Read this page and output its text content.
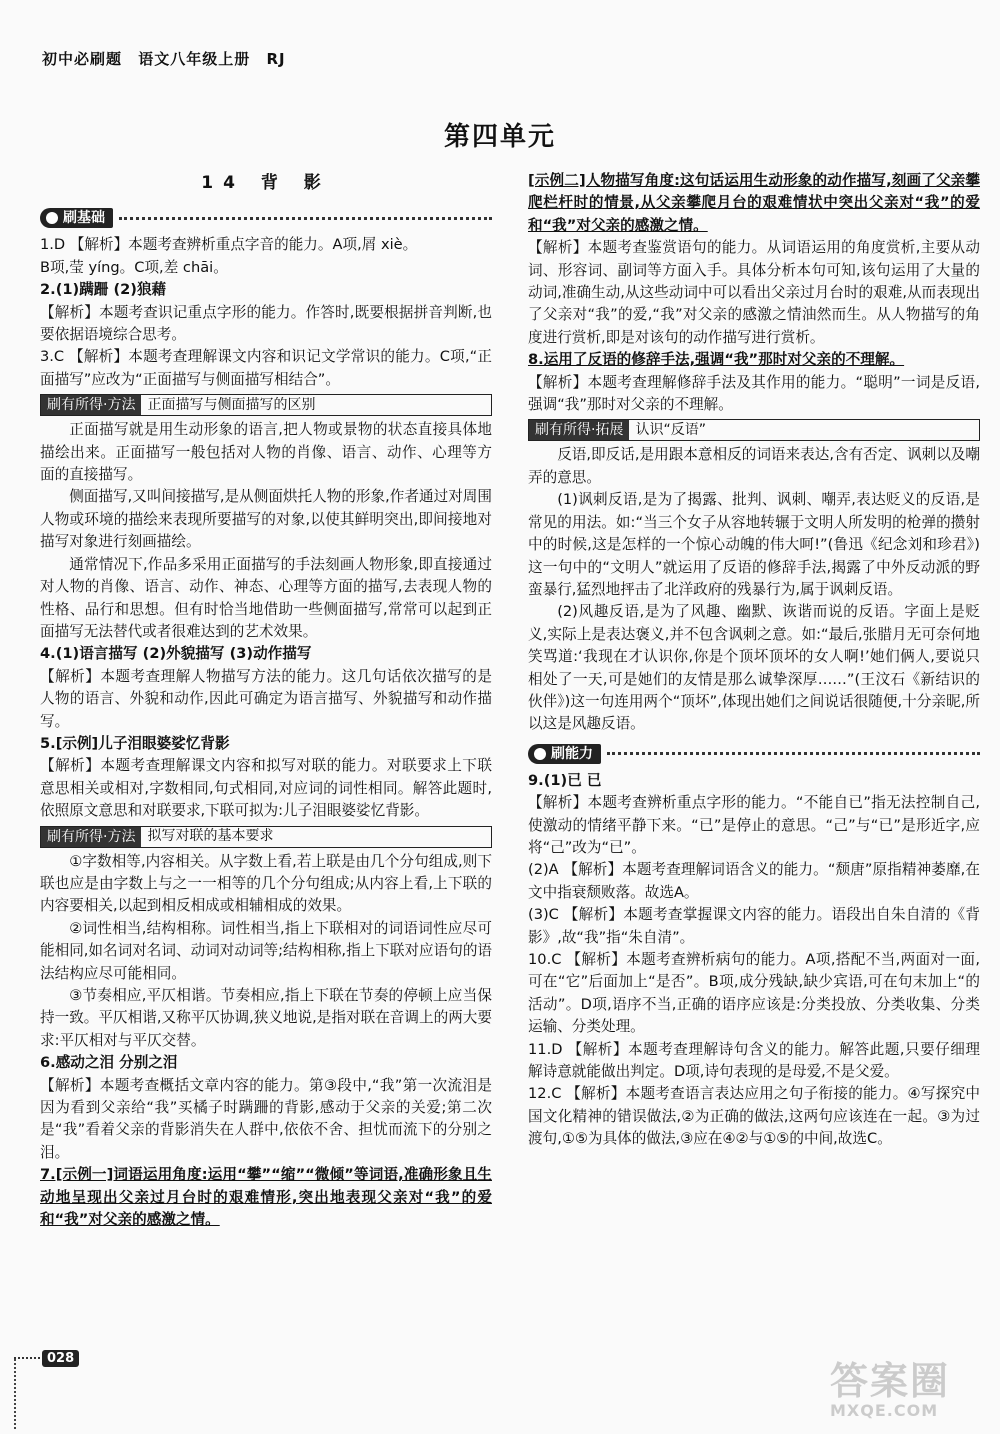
初中必刷题 语文八年级上册 RJ
第四单元
14 背 影
刷基础

1.D 【解析】本题考查辨析重点字音的能力。A项,屑 xiè。

B项,莹 yíng。C项,差 chāi。

2.(1)蹒跚 (2)狼藉

【解析】本题考查识记重点字形的能力。作答时,既要根据拼音判断,也要依据语境综合思考。

3.C 【解析】本题考查理解课文内容和识记文学常识的能力。C项,“正面描写”应改为“正面描写与侧面描写相结合”。

刷有所得·方法 正面描写与侧面描写的区别

正面描写就是用生动形象的语言,把人物或景物的状态直接具体地描绘出来。正面描写一般包括对人物的肖像、语言、动作、心理等方面的直接描写。

侧面描写,又叫间接描写,是从侧面烘托人物的形象,作者通过对周围人物或环境的描绘来表现所要描写的对象,以使其鲜明突出,即间接地对描写对象进行刻画描绘。

通常情况下,作品多采用正面描写的手法刻画人物形象,即直接通过对人物的肖像、语言、动作、神态、心理等方面的描写,去表现人物的性格、品行和思想。但有时恰当地借助一些侧面描写,常常可以起到正面描写无法替代或者很难达到的艺术效果。

4.(1)语言描写 (2)外貌描写 (3)动作描写

【解析】本题考查理解人物描写方法的能力。这几句话依次描写的是人物的语言、外貌和动作,因此可确定为语言描写、外貌描写和动作描写。

5.[示例]儿子泪眼婆娑忆背影

【解析】本题考查理解课文内容和拟写对联的能力。对联要求上下联意思相关或相对,字数相同,句式相同,对应词的词性相同。解答此题时,依照原文意思和对联要求,下联可拟为:儿子泪眼婆娑忆背影。

刷有所得·方法 拟写对联的基本要求

①字数相等,内容相关。从字数上看,若上联是由几个分句组成,则下联也应是由字数上与之一一相等的几个分句组成;从内容上看,上下联的内容要相关,以起到相反相成或相辅相成的效果。

②词性相当,结构相称。词性相当,指上下联相对的词语词性应尽可能相同,如名词对名词、动词对动词等;结构相称,指上下联对应语句的语法结构应尽可能相同。

③节奏相应,平仄相谐。节奏相应,指上下联在节奏的停顿上应当保持一致。平仄相谐,又称平仄协调,狭义地说,是指对联在音调上的两大要求:平仄相对与平仄交替。

6.感动之泪 分别之泪

【解析】本题考查概括文章内容的能力。第③段中,“我”第一次流泪是因为看到父亲给“我”买橘子时蹒跚的背影,感动于父亲的关爱;第二次是“我”看着父亲的背影消失在人群中,依依不舍、担忧而流下的分别之泪。

7.[示例一]词语运用角度:运用“攀”“缩”“微倾”等词语,准确形象且生动地呈现出父亲过月台时的艰难情形,突出地表现父亲对“我”的爱和“我”对父亲的感激之情。

[示例二]人物描写角度:这句话运用生动形象的动作描写,刻画了父亲攀爬栏杆时的情景,从父亲攀爬月台的艰难情状中突出父亲对“我”的爱和“我”对父亲的感激之情。

【解析】本题考查鉴赏语句的能力。从词语运用的角度赏析,主要从动词、形容词、副词等方面入手。具体分析本句可知,该句运用了大量的动词,准确生动,从这些动词中可以看出父亲过月台时的艰难,从而表现出了父亲对“我”的爱,“我”对父亲的感激之情油然而生。从人物描写的角度进行赏析,即是对该句的动作描写进行赏析。

8.运用了反语的修辞手法,强调“我”那时对父亲的不理解。

【解析】本题考查理解修辞手法及其作用的能力。“聪明”一词是反语,强调“我”那时对父亲的不理解。

刷有所得·拓展 认识“反语”

反语,即反话,是用跟本意相反的词语来表达,含有否定、讽刺以及嘲弄的意思。

(1)讽刺反语,是为了揭露、批判、讽刺、嘲弄,表达贬义的反语,是常见的用法。如:“当三个女子从容地转辗于文明人所发明的枪弹的攒射中的时候,这是怎样的一个惊心动魄的伟大呵!”(鲁迅《纪念刘和珍君》)这一句中的“文明人”就运用了反语的修辞手法,揭露了中外反动派的野蛮暴行,猛烈地抨击了北洋政府的残暴行为,属于讽刺反语。

(2)风趣反语,是为了风趣、幽默、诙谐而说的反语。字面上是贬义,实际上是表达褒义,并不包含讽刺之意。如:“最后,张腊月无可奈何地笑骂道:‘我现在才认识你,你是个顶坏顶坏的女人啊!’她们俩人,要说只相处了一天,可是她们的友情是那么诚挚深厚……”(王汶石《新结识的伙伴》)这一句连用两个“顶坏”,体现出她们之间说话很随便,十分亲昵,所以这是风趣反语。

刷能力

9.(1)已 已

【解析】本题考查辨析重点字形的能力。“不能自已”指无法控制自己,使激动的情绪平静下来。“已”是停止的意思。“己”与“已”是形近字,应将“己”改为“已”。

(2)A 【解析】本题考查理解词语含义的能力。“颓唐”原指精神萎靡,在文中指衰颓败落。故选A。

(3)C 【解析】本题考查掌握课文内容的能力。语段出自朱自清的《背影》,故“我”指“朱自清”。

10.C 【解析】本题考查辨析病句的能力。A项,搭配不当,两面对一面,可在“它”后面加上“是否”。B项,成分残缺,缺少宾语,可在句末加上“的活动”。D项,语序不当,正确的语序应该是:分类投放、分类收集、分类运输、分类处理。

11.D 【解析】本题考查理解诗句含义的能力。解答此题,只要仔细理解诗意就能做出判定。D项,诗句表现的是母爱,不是父爱。

12.C 【解析】本题考查语言表达应用之句子衔接的能力。④写探究中国文化精神的错误做法,②为正确的做法,这两句应该连在一起。③为过渡句,①⑤为具体的做法,③应在④②与①⑤的中间,故选C。

028
答案圈
MXQE.COM
